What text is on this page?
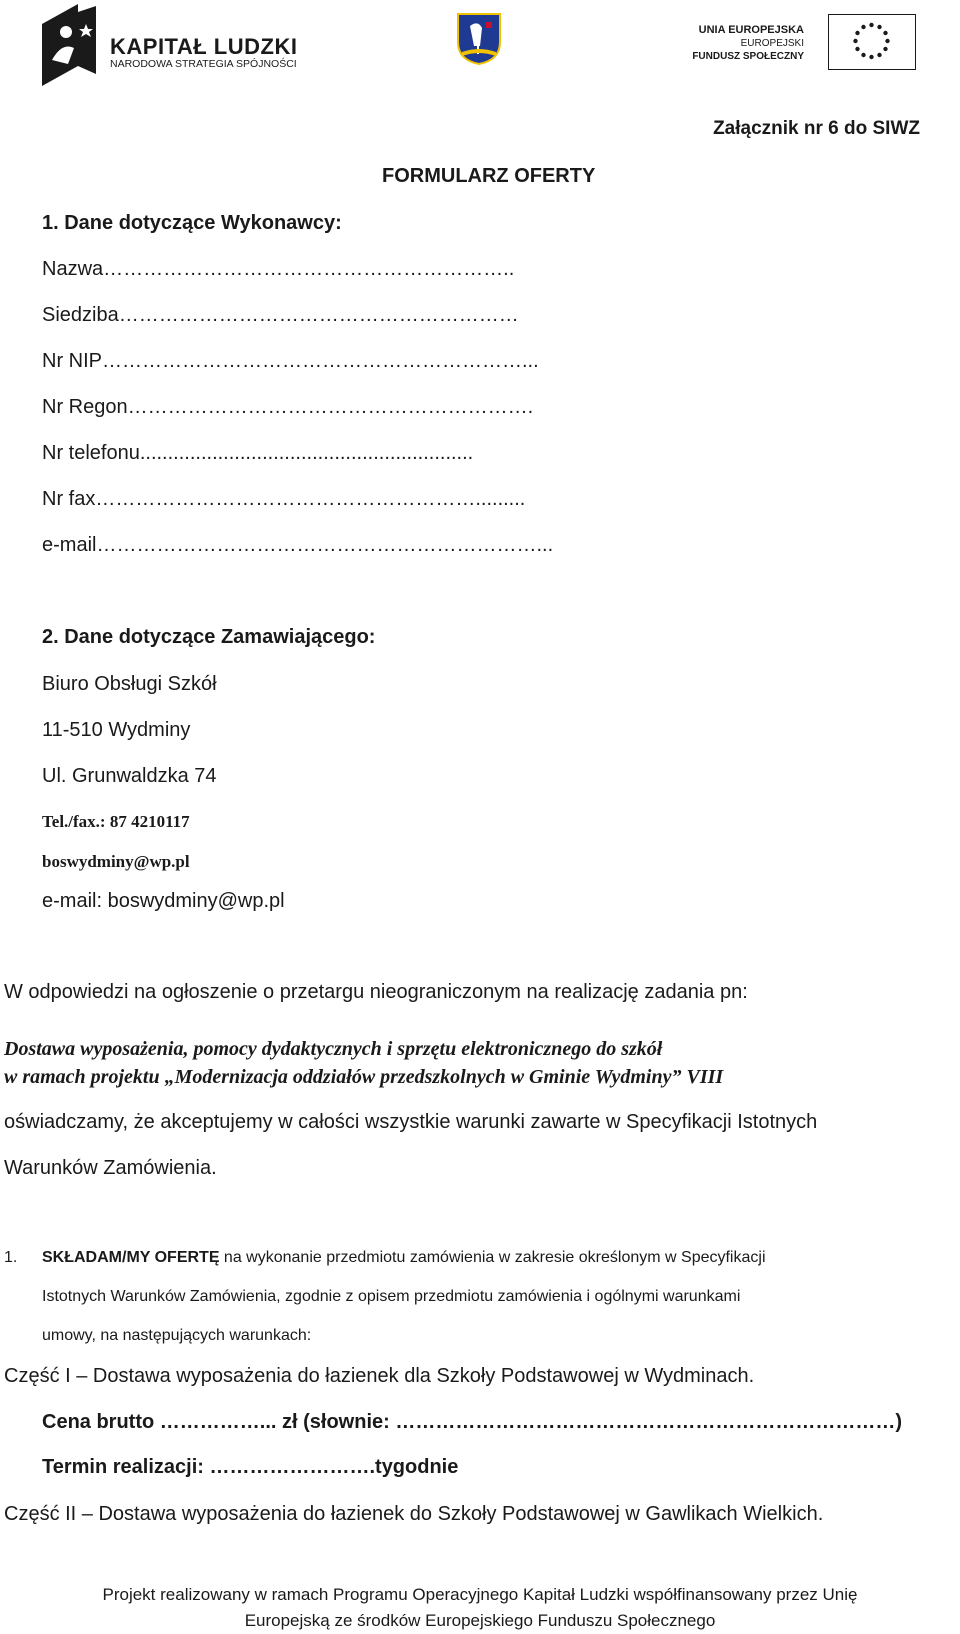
KAPITAŁ LUDZKI
NARODOWA STRATEGIA SPÓJNOŚCI
UNIA EUROPEJSKA
EUROPEJSKI
FUNDUSZ SPOŁECZNY
Załącznik nr 6 do SIWZ
FORMULARZ OFERTY
1. Dane dotyczące Wykonawcy:
Nazwa……………………………………………………..
Siedziba……………………………………………………
Nr NIP………………………………………………………...
Nr Regon…………………………………………………….
Nr telefonu............................................................
Nr fax………………………………………………….........
e-mail…………………………………………………………...
2. Dane dotyczące Zamawiającego:
Biuro Obsługi Szkół
11-510 Wydminy
Ul. Grunwaldzka 74
Tel./fax.: 87 4210117
boswydminy@wp.pl
e-mail: boswydminy@wp.pl
W odpowiedzi na ogłoszenie o przetargu nieograniczonym na realizację zadania pn:
Dostawa wyposażenia, pomocy dydaktycznych i sprzętu elektronicznego do szkół
w ramach projektu „Modernizacja oddziałów przedszkolnych w Gminie Wydminy” VIII
oświadczamy, że akceptujemy w całości wszystkie warunki zawarte w Specyfikacji Istotnych
Warunków Zamówienia.
1. SKŁADAM/MY OFERTĘ na wykonanie przedmiotu zamówienia w zakresie określonym w Specyfikacji
Istotnych Warunków Zamówienia, zgodnie z opisem przedmiotu zamówienia i ogólnymi warunkami
umowy, na następujących warunkach:
Część I – Dostawa wyposażenia do łazienek dla Szkoły Podstawowej w Wydminach.
Cena brutto ……………... zł (słownie: …………………………………………………………………)
Termin realizacji: …………………….tygodnie
Część II – Dostawa wyposażenia do łazienek do Szkoły Podstawowej w Gawlikach Wielkich.
Projekt realizowany w ramach Programu Operacyjnego Kapitał Ludzki współfinansowany przez Unię
Europejską ze środków Europejskiego Funduszu Społecznego
